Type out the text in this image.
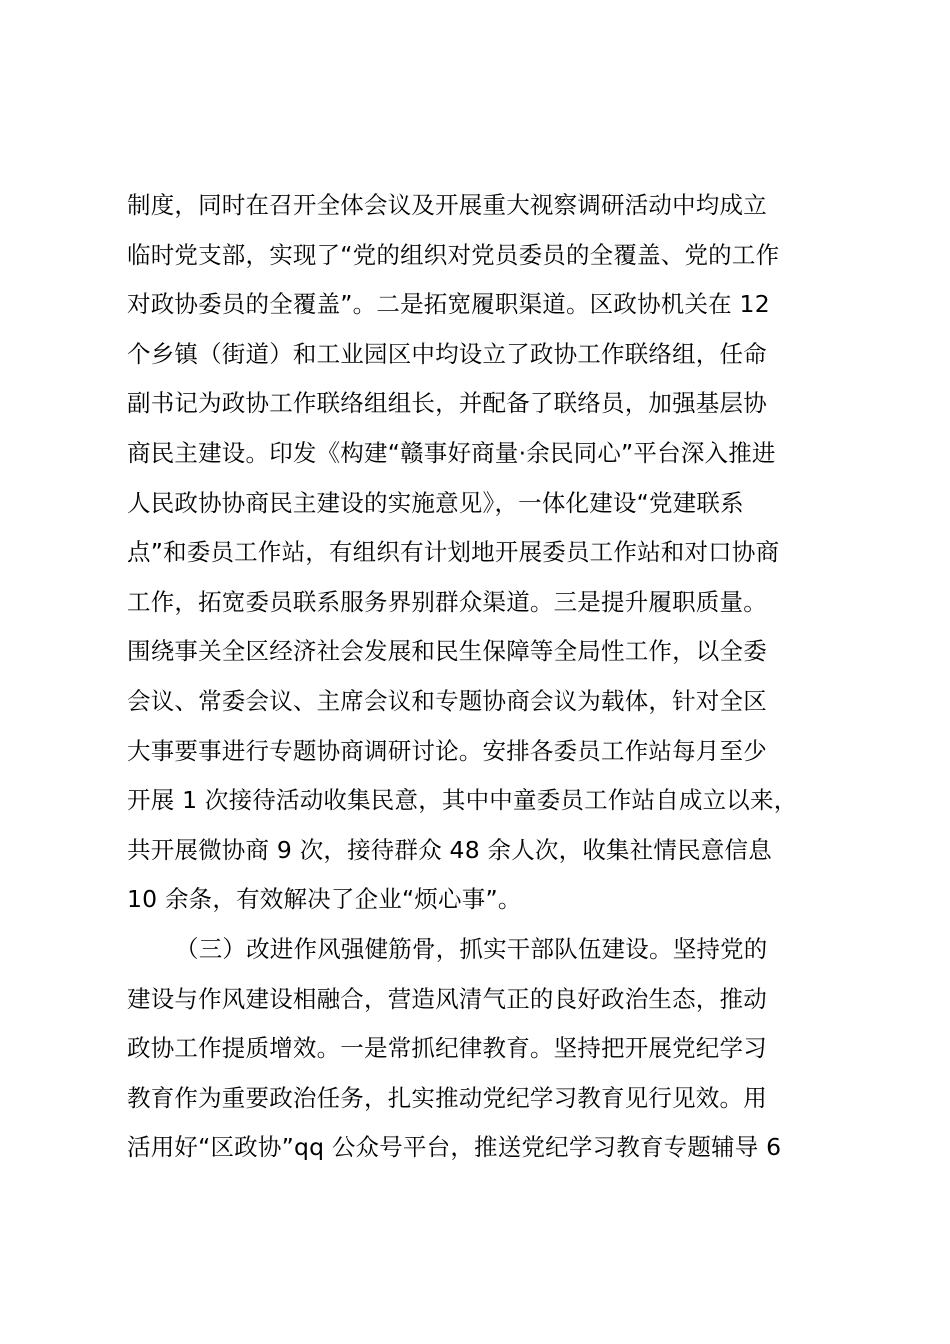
制度，同时在召开全体会议及开展重大视察调研活动中均成立
临时党支部，实现了“党的组织对党员委员的全覆盖、党的工作
对政协委员的全覆盖”。二是拓宽履职渠道。区政协机关在 12
个乡镇（街道）和工业园区中均设立了政协工作联络组，任命
副书记为政协工作联络组组长，并配备了联络员，加强基层协
商民主建设。印发《构建“赣事好商量·余民同心”平台深入推进
人民政协协商民主建设的实施意见》，一体化建设“党建联系
点”和委员工作站，有组织有计划地开展委员工作站和对口协商
工作，拓宽委员联系服务界别群众渠道。三是提升履职质量。
围绕事关全区经济社会发展和民生保障等全局性工作，以全委
会议、常委会议、主席会议和专题协商会议为载体，针对全区
大事要事进行专题协商调研讨论。安排各委员工作站每月至少
开展 1 次接待活动收集民意，其中中童委员工作站自成立以来，
共开展微协商 9 次，接待群众 48 余人次，收集社情民意信息
10 余条，有效解决了企业“烦心事”。
（三）改进作风强健筋骨，抓实干部队伍建设。坚持党的
建设与作风建设相融合，营造风清气正的良好政治生态，推动
政协工作提质增效。一是常抓纪律教育。坚持把开展党纪学习
教育作为重要政治任务，扎实推动党纪学习教育见行见效。用
活用好“区政协”qq 公众号平台，推送党纪学习教育专题辅导 6
